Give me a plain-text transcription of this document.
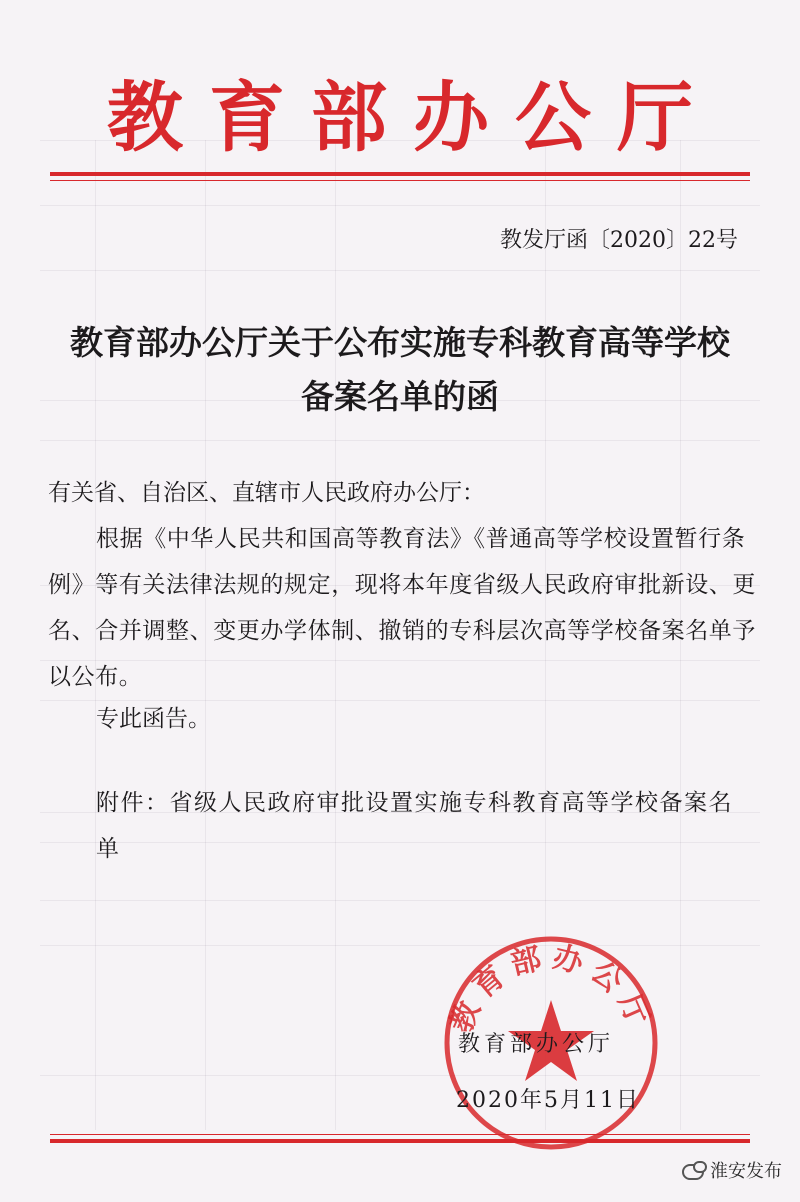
教育部办公厅
教发厅函〔2020〕22号
教育部办公厅关于公布实施专科教育高等学校
备案名单的函
有关省、自治区、直辖市人民政府办公厅：
根据《中华人民共和国高等教育法》《普通高等学校设置暂行条例》等有关法律法规的规定，现将本年度省级人民政府审批新设、更名、合并调整、变更办学体制、撤销的专科层次高等学校备案名单予以公布。
专此函告。
附件：省级人民政府审批设置实施专科教育高等学校备案名单
教育部办公厅
教育部办公厅
2020年5月11日
淮安发布
